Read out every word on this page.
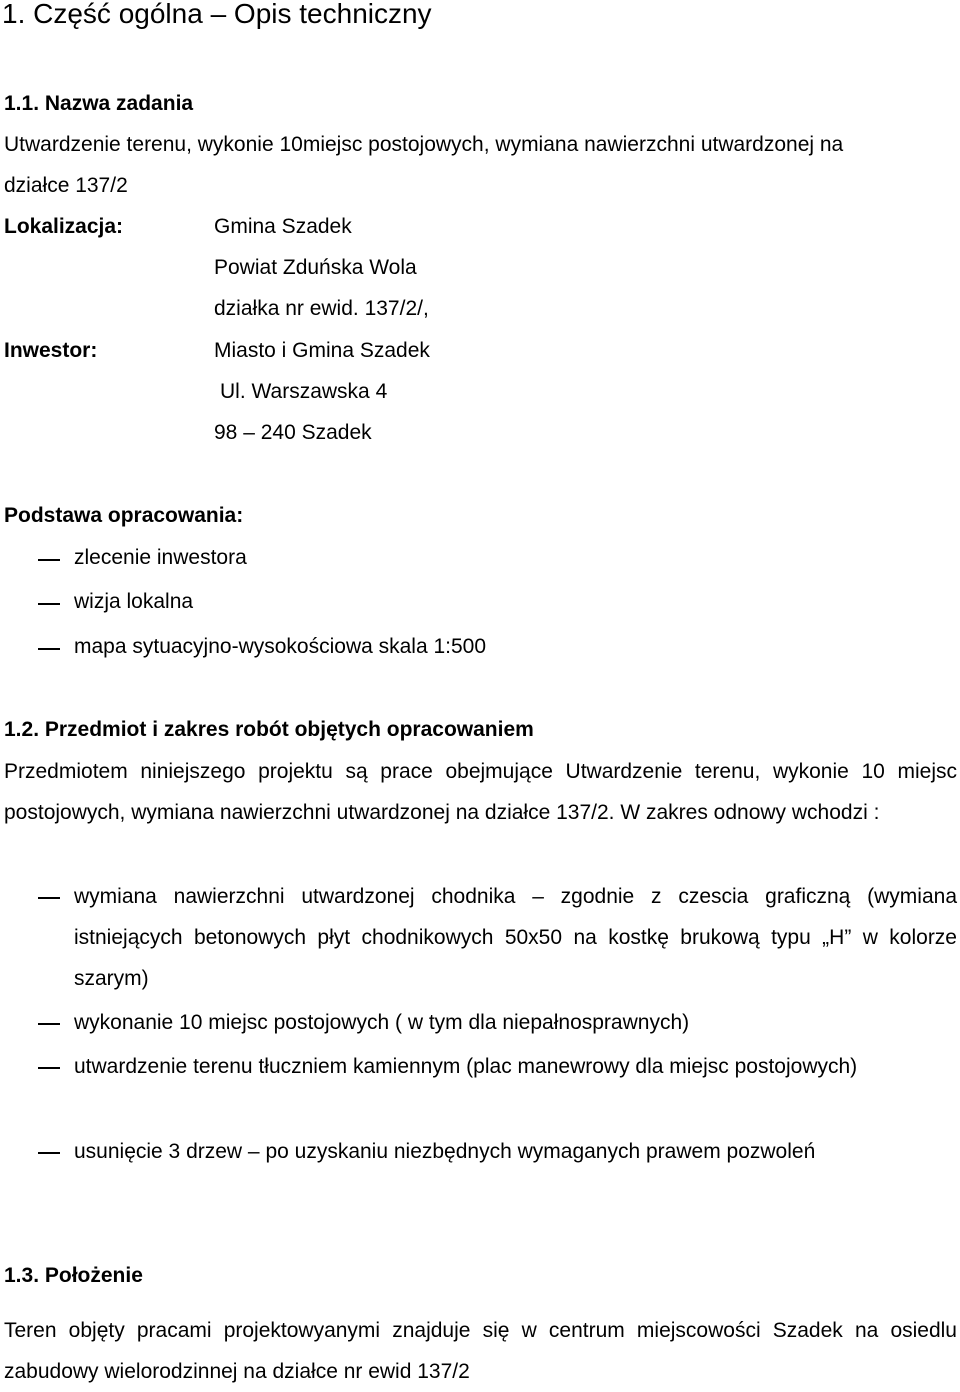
1. Część ogólna – Opis techniczny
1.1. Nazwa zadania

Utwardzenie terenu, wykonie 10miejsc postojowych, wymiana nawierzchni utwardzonej na

działce 137/2

Lokalizacja:	Gmina Szadek

Powiat Zduńska Wola

działka nr ewid. 137/2/,

Inwestor:	Miasto i Gmina Szadek

Ul. Warszawska 4

98 – 240 Szadek

Podstawa opracowania:

zlecenie inwestora

wizja lokalna

mapa sytuacyjno-wysokościowa skala 1:500

1.2. Przedmiot i zakres robót objętych opracowaniem

Przedmiotem niniejszego projektu są prace obejmujące Utwardzenie terenu, wykonie 10 miejsc postojowych, wymiana nawierzchni utwardzonej na działce 137/2. W zakres odnowy wchodzi :

wymiana nawierzchni utwardzonej chodnika – zgodnie z czescia graficzną (wymiana istniejących betonowych płyt chodnikowych 50x50 na kostkę brukową typu „H” w kolorze szarym)

wykonanie 10 miejsc postojowych ( w tym dla niepałnosprawnych)

utwardzenie terenu tłuczniem kamiennym (plac manewrowy dla miejsc postojowych)

usunięcie 3 drzew – po uzyskaniu niezbędnych wymaganych prawem pozwoleń

1.3. Położenie

Teren objęty pracami projektowyanymi znajduje się w centrum miejscowości Szadek na osiedlu zabudowy wielorodzinnej na działce nr ewid 137/2
